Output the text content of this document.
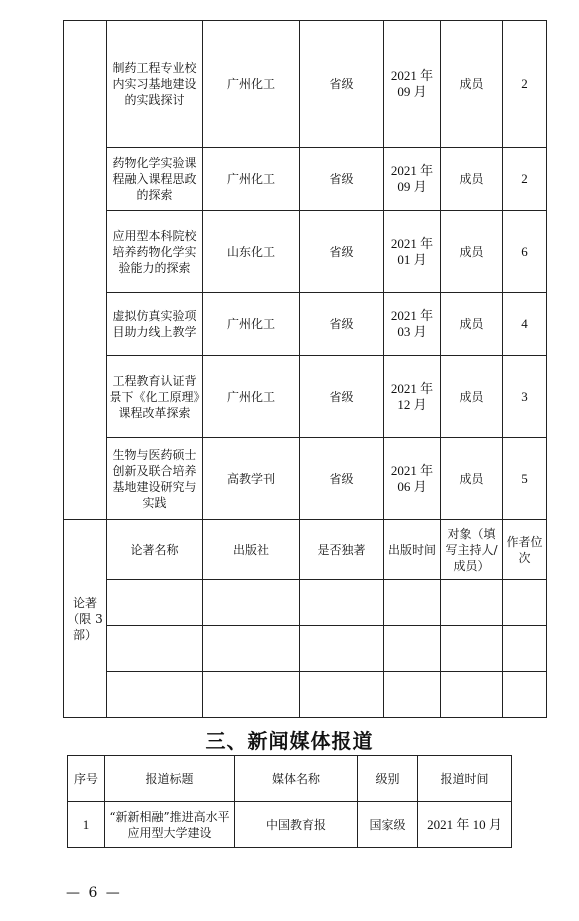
	制药工程专业校内实习基地建设的实践探讨	广州化工	省级	2021 年 09 月	成员	2
	药物化学实验课程融入课程思政的探索	广州化工	省级	2021 年 09 月	成员	2
	应用型本科院校培养药物化学实验能力的探索	山东化工	省级	2021 年 01 月	成员	6
	虚拟仿真实验项目助力线上教学	广州化工	省级	2021 年 03 月	成员	4
	工程教育认证背景下《化工原理》课程改革探索	广州化工	省级	2021 年 12 月	成员	3
	生物与医药硕士创新及联合培养基地建设研究与实践	高教学刊	省级	2021 年 06 月	成员	5
论著（限 3 部）	论著名称	出版社	是否独著	出版时间	对象（填写主持人/成员）	作者位次

三、新闻媒体报道
序号	报道标题	媒体名称	级别	报道时间
1	“新新相融”推进高水平应用型大学建设	中国教育报	国家级	2021 年 10 月
— 6 —
